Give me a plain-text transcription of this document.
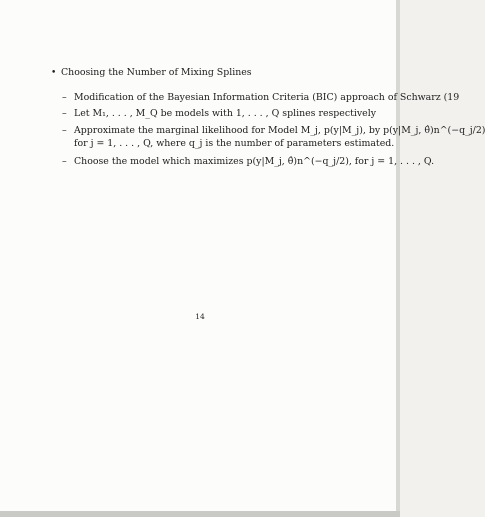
• Choosing the Number of Mixing Splines
– Modification of the Bayesian Information Criteria (BIC) approach of Schwarz (19
– Let M₁, . . . , M_Q be models with 1, . . . , Q splines respectively
– Approximate the marginal likelihood for Model M_j, p(y|M_j), by p(y|M_j, θ̂)n^(−q_j/2)
for j = 1, . . . , Q, where q_j is the number of parameters estimated.
– Choose the model which maximizes p(y|M_j, θ̂)n^(−q_j/2), for j = 1, . . . , Q.
14
